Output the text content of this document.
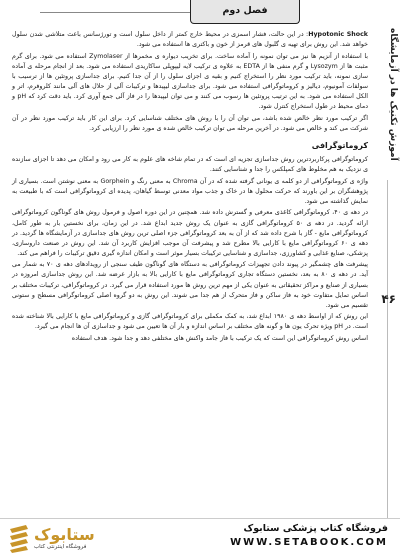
فصل دوم
آموزش تکنیک ها در آزمایشگاه
۴۶

Hypotonic Shock: در این حالت، فشار اسمزی در محیط خارج کمتر از داخل سلول است و تورژسانس باعث متلاشی شدن سلول خواهد شد. این روش برای تهیه ی گلبول های قرمز از خون و باکتری ها استفاده می شود.

با استفاده از آنزیم ها نیز می توان نمونه را آماده ساخت. برای تخریب دیواره ی مخمرها از Zymolaser استفاده می شود. برای گرم مثبت ها از Lysozym و گرم منفی ها از EDTA به علاوه ی ترکیب لایه لیپوپلی ساکاریدی استفاده می شود. بعد از انجام مرحله ی آماده سازی نمونه، باید ترکیب مورد نظر را استخراج کنیم و بقیه ی اجزای سلول را از آن جدا کنیم. برای جداسازی پروتئین ها از ترسیب با سولفات آمونیوم، دیالیز و کروماتوگرافی استفاده می شود. برای جداسازی لیپیدها و ترکیبات آلی از حلال های آلی مانند کلروفرم، اتر و الکل استفاده می شود. به این ترتیب پروتئین ها رسوب می کنند و می توان لیپیدها را در فاز آلی جمع آوری کرد. باید دقت کرد که pH و دمای محیط در طول استخراج کنترل شود.

اگر ترکیب مورد نظر خالص شده باشد، می توان آن را با روش های مختلف شناسایی کرد. برای این کار باید ترکیب مورد نظر در آن شرکت می کند و خالص می شود. در آخرین مرحله می توان ترکیب خالص شده ی مورد نظر را ارزیابی کرد.

کروماتوگرافی

کروماتوگرافی پرکاربردترین روش جداسازی تجزیه ای است که در تمام شاخه های علوم به کار می رود و امکان می دهد تا اجزای سازنده ی نزدیک به هم مخلوط های کمپلکس را جدا و شناسایی کنند.

واژه ی کروماتوگرافی از دو کلمه ی یونانی گرفته شده که در آن Chroma به معنی رنگ و Gorphein به معنی نوشتن است. بسیاری از پژوهشگران بر این باورند که حرکت محلول ها در خاک و جذب مواد معدنی توسط گیاهان، پدیده ای کروماتوگرافی است که با طبیعت به نمایش گذاشته می شود.

در دهه ی ۴۰، کروماتوگرافی کاغذی معرفی و گسترش داده شد. همچنین در این دوره اصول و فرمول روش های گوناگون کروماتوگرافی ارائه گردید. در دهه ی ۵۰ کروماتوگرافی گازی به عنوان یک روش جدید ابداع شد. در این زمان، برای نخستین بار به طور کامل، کروماتوگرافی مایع - گاز با شرح داده شد که از آن به بعد کروماتوگرافی جزء اصلی ترین روش های جداسازی در آزمایشگاه ها گردید. در دهه ی ۶۰ کروماتوگرافی مایع با کارایی بالا مطرح شد و پیشرفت آن موجب افزایش کاربرد آن شد. این روش در صنعت داروسازی، پزشکی، صنایع غذایی و کشاورزی، جداسازی و شناسایی ترکیبات بسیار موثر است و امکان اندازه گیری دقیق ترکیبات را فراهم می کند.

پیشرفت های چشمگیر در پیوند دادن تجهیزات کروماتوگرافی به دستگاه های گوناگون طیف سنجی از رویدادهای دهه ی ۷۰ به شمار می آید. در دهه ی ۸۰ به بعد، نخستین دستگاه تجاری کروماتوگرافی مایع با کارایی بالا به بازار عرضه شد. این روش جداسازی امروزه در بسیاری از صنایع و مراکز تحقیقاتی به عنوان یکی از مهم ترین روش ها مورد استفاده قرار می گیرد. در کروماتوگرافی، ترکیبات مختلف بر اساس تمایل متفاوت خود به فاز ساکن و فاز متحرک از هم جدا می شوند. این روش به دو گروه اصلی کروماتوگرافی مسطح و ستونی تقسیم می شود.

این روش که از اواسط دهه ی ۱۹۸۰ ابداع شد، به کمک مکملی برای کروماتوگرافی گازی و کروماتوگرافی مایع با کارایی بالا شناخته شده است. در pH ویژه تحرک یون ها و گونه های مختلف بر اساس اندازه و بار آن ها تعیین می شود و جداسازی آن ها انجام می گیرد.

اساس روش کروماتوگرافی این است که یک ترکیب با فاز جامد واکنش های مختلفی دهد و جدا شود. هدف استفاده

ستابوک
فروشگاه اینترنتی کتاب
فروشگاه کتاب پزشکی ستابوک
WWW.SETABOOK.COM
